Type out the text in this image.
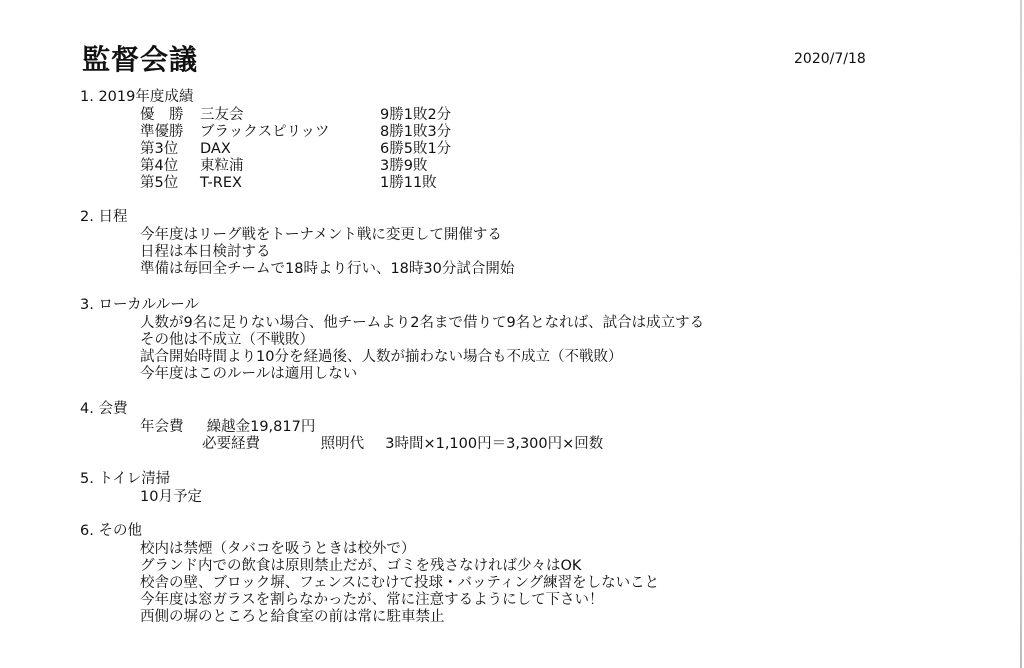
監督会議	2020/7/18
1. 2019年度成績
優　勝	三友会	9勝1敗2分
準優勝	ブラックスピリッツ	8勝1敗3分
第3位	DAX	6勝5敗1分
第4位	東粒浦	3勝9敗
第5位	T-REX	1勝11敗
2. 日程
今年度はリーグ戦をトーナメント戦に変更して開催する
日程は本日検討する
準備は毎回全チームで18時より行い、18時30分試合開始
3. ローカルルール
人数が9名に足りない場合、他チームより2名まで借りて9名となれば、試合は成立する
その他は不成立（不戦敗）
試合開始時間より10分を経過後、人数が揃わない場合も不成立（不戦敗）
今年度はこのルールは適用しない
4. 会費
年会費 繰越金19,817円
必要経費	照明代 3時間×1,100円＝3,300円×回数
5. トイレ清掃
10月予定
6. その他
校内は禁煙（タバコを吸うときは校外で）
グランド内での飲食は原則禁止だが、ゴミを残さなければ少々はOK
校舎の壁、ブロック塀、フェンスにむけて投球・バッティング練習をしないこと
今年度は窓ガラスを割らなかったが、常に注意するようにして下さい！
西側の塀のところと給食室の前は常に駐車禁止
